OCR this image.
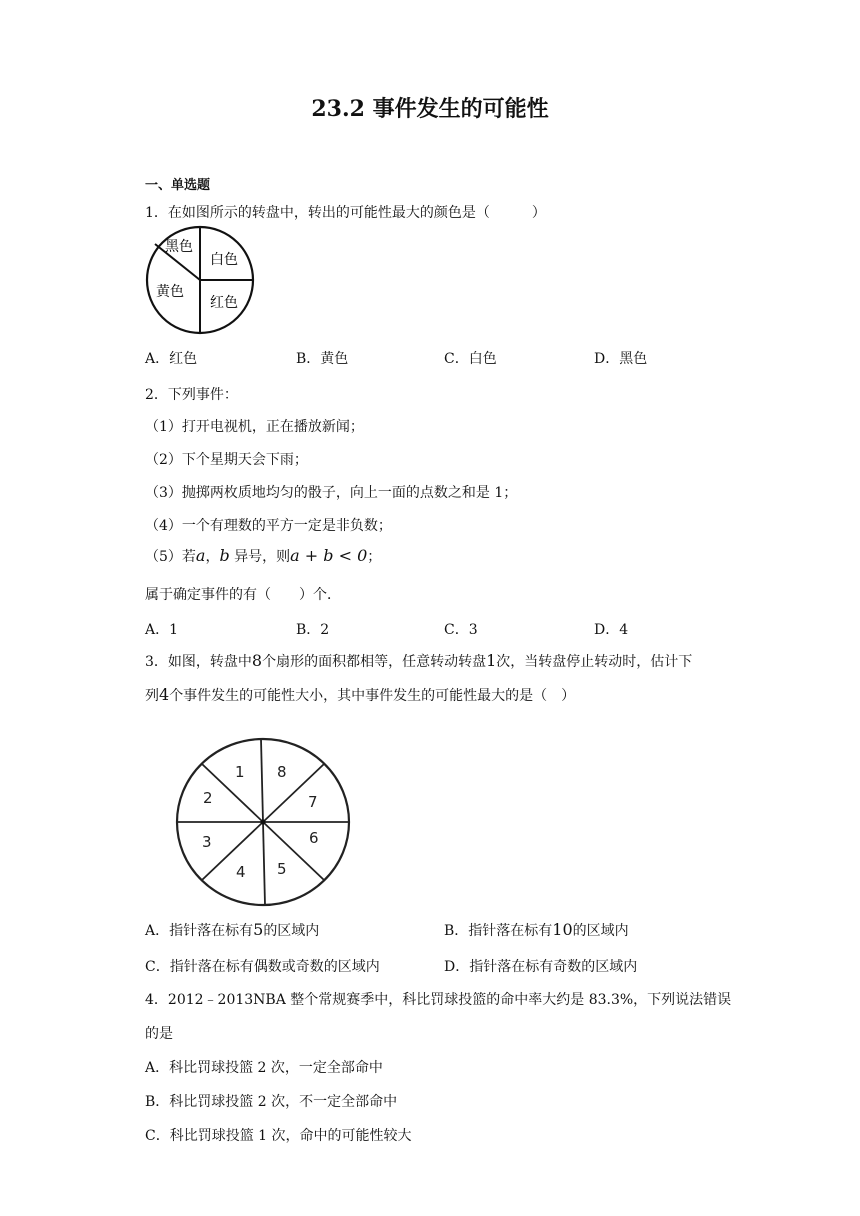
23.2 事件发生的可能性
一、单选题
1．在如图所示的转盘中，转出的可能性最大的颜色是（　　　）
黑色
白色
黄色
红色
A．红色	B．黄色	C．白色	D．黑色
2．下列事件：
（1）打开电视机，正在播放新闻；
（2）下个星期天会下雨；
（3）抛掷两枚质地均匀的骰子，向上一面的点数之和是 1；
（4）一个有理数的平方一定是非负数；
（5）若a，b 异号，则a + b < 0；
属于确定事件的有（　　）个．
A．1	B．2	C．3	D．4
3．如图，转盘中8个扇形的面积都相等，任意转动转盘1次，当转盘停止转动时，估计下
列4个事件发生的可能性大小，其中事件发生的可能性最大的是（　）
1
2
3
4 5
6
7
8
A．指针落在标有5的区域内	B．指针落在标有10的区域内
C．指针落在标有偶数或奇数的区域内	D．指针落在标有奇数的区域内
4．2012﹣2013NBA 整个常规赛季中，科比罚球投篮的命中率大约是 83.3%，下列说法错误
的是
A．科比罚球投篮 2 次，一定全部命中
B．科比罚球投篮 2 次，不一定全部命中
C．科比罚球投篮 1 次，命中的可能性较大
